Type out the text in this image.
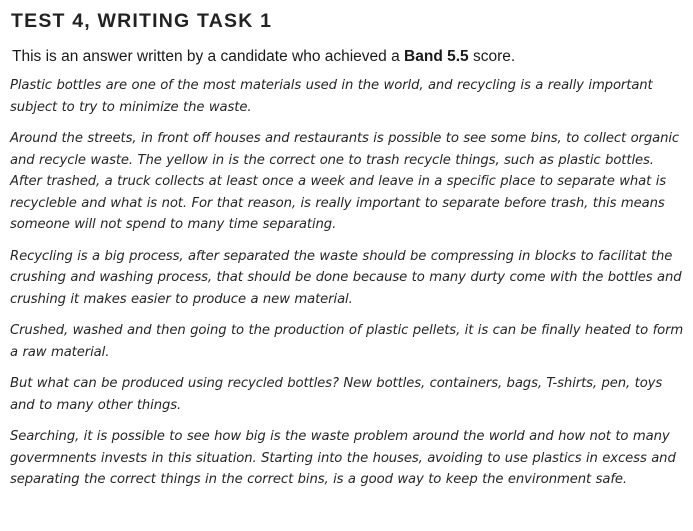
TEST 4, WRITING TASK 1
This is an answer written by a candidate who achieved a Band 5.5 score.

Plastic bottles are one of the most materials used in the world, and recycling is a really important subject to try to minimize the waste.

Around the streets, in front off houses and restaurants is possible to see some bins, to collect organic and recycle waste. The yellow in is the correct one to trash recycle things, such as plastic bottles. After trashed, a truck collects at least once a week and leave in a specific place to separate what is recycleble and what is not. For that reason, is really important to separate before trash, this means someone will not spend to many time separating.

Recycling is a big process, after separated the waste should be compressing in blocks to facilitat the crushing and washing process, that should be done because to many durty come with the bottles and crushing it makes easier to produce a new material.

Crushed, washed and then going to the production of plastic pellets, it is can be finally heated to form a raw material.

But what can be produced using recycled bottles? New bottles, containers, bags, T-shirts, pen, toys and to many other things.

Searching, it is possible to see how big is the waste problem around the world and how not to many govermnents invests in this situation. Starting into the houses, avoiding to use plastics in excess and separating the correct things in the correct bins, is a good way to keep the environment safe.
